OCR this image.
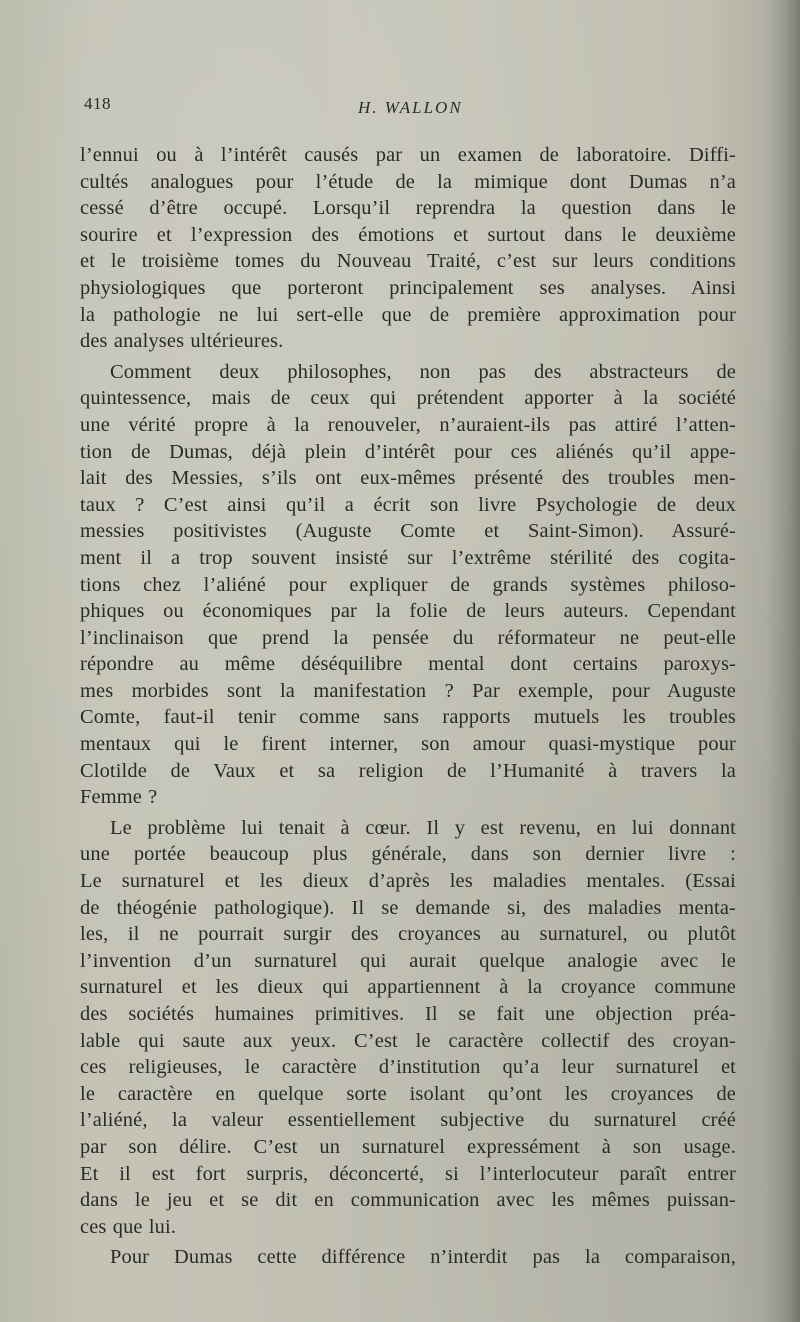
418	H. WALLON
l’ennui ou à l’intérêt causés par un examen de laboratoire. Diffi-
cultés analogues pour l’étude de la mimique dont Dumas n’a
cessé d’être occupé. Lorsqu’il reprendra la question dans le
sourire et l’expression des émotions et surtout dans le deuxième
et le troisième tomes du Nouveau Traité, c’est sur leurs conditions
physiologiques que porteront principalement ses analyses. Ainsi
la pathologie ne lui sert-elle que de première approximation pour
des analyses ultérieures.
Comment deux philosophes, non pas des abstracteurs de
quintessence, mais de ceux qui prétendent apporter à la société
une vérité propre à la renouveler, n’auraient-ils pas attiré l’atten-
tion de Dumas, déjà plein d’intérêt pour ces aliénés qu’il appe-
lait des Messies, s’ils ont eux-mêmes présenté des troubles men-
taux ? C’est ainsi qu’il a écrit son livre Psychologie de deux
messies positivistes (Auguste Comte et Saint-Simon). Assuré-
ment il a trop souvent insisté sur l’extrême stérilité des cogita-
tions chez l’aliéné pour expliquer de grands systèmes philoso-
phiques ou économiques par la folie de leurs auteurs. Cependant
l’inclinaison que prend la pensée du réformateur ne peut-elle
répondre au même déséquilibre mental dont certains paroxys-
mes morbides sont la manifestation ? Par exemple, pour Auguste
Comte, faut-il tenir comme sans rapports mutuels les troubles
mentaux qui le firent interner, son amour quasi-mystique pour
Clotilde de Vaux et sa religion de l’Humanité à travers la
Femme ?
Le problème lui tenait à cœur. Il y est revenu, en lui donnant
une portée beaucoup plus générale, dans son dernier livre :
Le surnaturel et les dieux d’après les maladies mentales. (Essai
de théogénie pathologique). Il se demande si, des maladies menta-
les, il ne pourrait surgir des croyances au surnaturel, ou plutôt
l’invention d’un surnaturel qui aurait quelque analogie avec le
surnaturel et les dieux qui appartiennent à la croyance commune
des sociétés humaines primitives. Il se fait une objection préa-
lable qui saute aux yeux. C’est le caractère collectif des croyan-
ces religieuses, le caractère d’institution qu’a leur surnaturel et
le caractère en quelque sorte isolant qu’ont les croyances de
l’aliéné, la valeur essentiellement subjective du surnaturel créé
par son délire. C’est un surnaturel expressément à son usage.
Et il est fort surpris, déconcerté, si l’interlocuteur paraît entrer
dans le jeu et se dit en communication avec les mêmes puissan-
ces que lui.
Pour Dumas cette différence n’interdit pas la comparaison,
